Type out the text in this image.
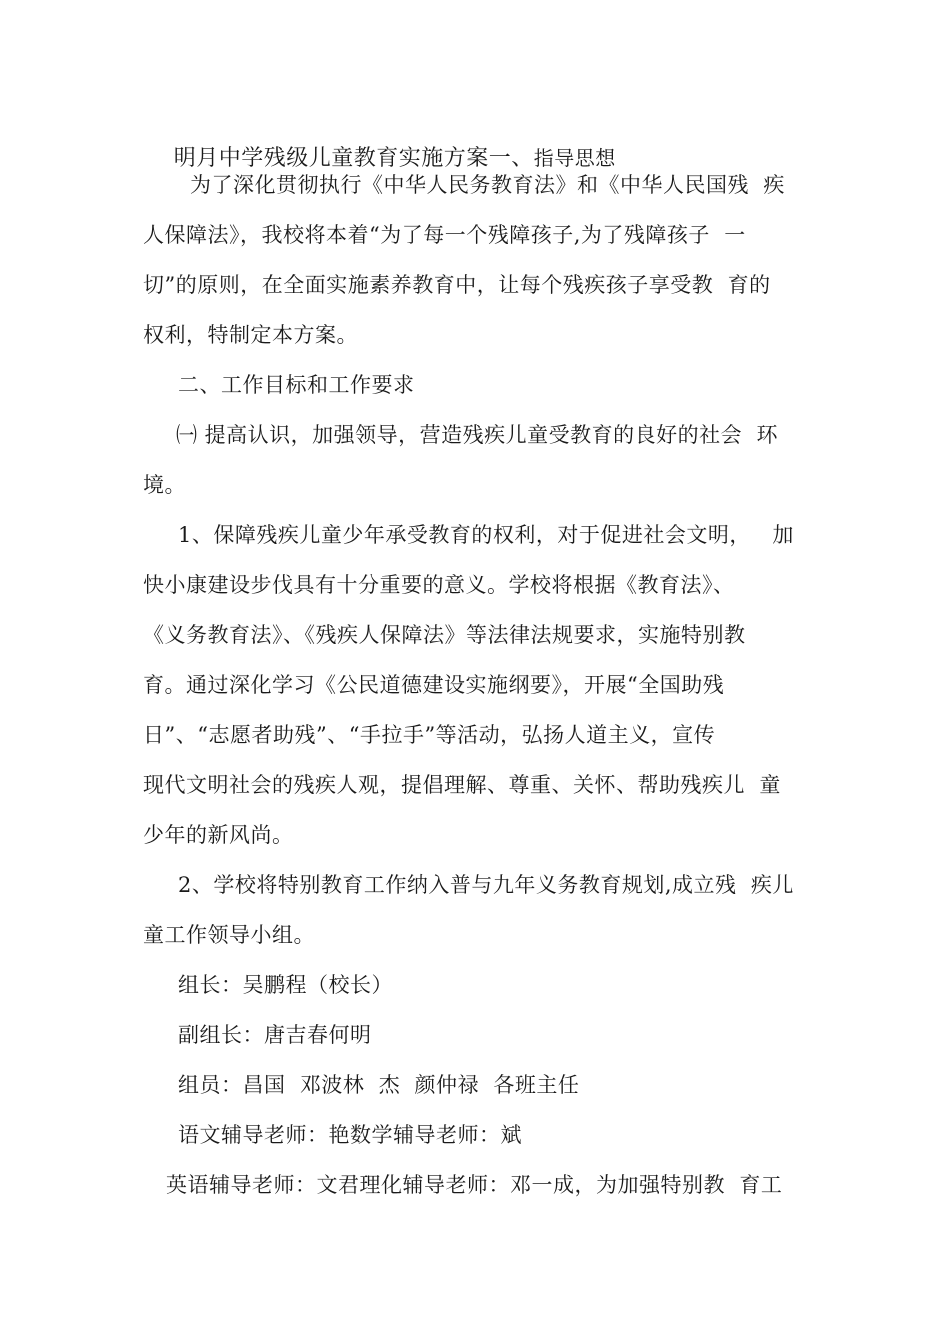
明月中学残级儿童教育实施方案一、指导思想

为了深化贯彻执行《中华人民务教育法》和《中华人民国残  疾
人保障法》，我校将本着“为了每一个残障孩子,为了残障孩子  一
切”的原则，在全面实施素养教育中，让每个残疾孩子享受教  育的
权利，特制定本方案。
二、工作目标和工作要求
㈠ 提高认识，加强领导，营造残疾儿童受教育的良好的社会  环
境。
1、保障残疾儿童少年承受教育的权利，对于促进社会文明，   加
快小康建设步伐具有十分重要的意义。学校将根据《教育法》、
《义务教育法》、《残疾人保障法》等法律法规要求，实施特别教
育。通过深化学习《公民道德建设实施纲要》，开展“全国助残
日”、“志愿者助残”、“手拉手”等活动，弘扬人道主义，宣传
现代文明社会的残疾人观，提倡理解、尊重、关怀、帮助残疾儿  童
少年的新风尚。
2、学校将特别教育工作纳入普与九年义务教育规划,成立残  疾儿
童工作领导小组。
组长：吴鹏程（校长）
副组长：唐吉春何明
组员：昌国  邓波林  杰  颜仲禄  各班主任
语文辅导老师：艳数学辅导老师：斌
英语辅导老师：文君理化辅导老师：邓一成，为加强特别教  育工
